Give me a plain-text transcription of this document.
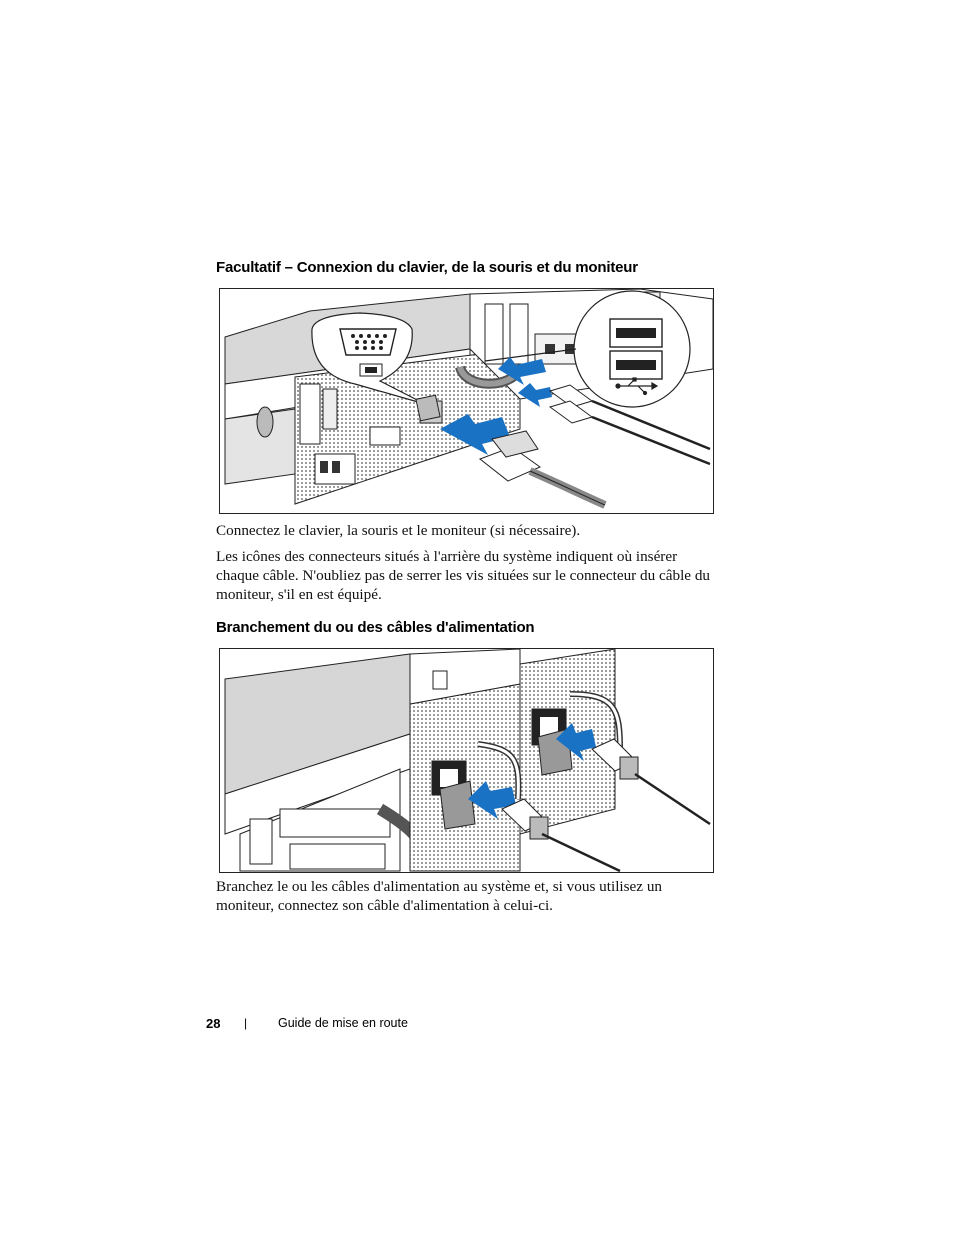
Facultatif – Connexion du clavier, de la souris et du moniteur

Connectez le clavier, la souris et le moniteur (si nécessaire).

Les icônes des connecteurs situés à l'arrière du système indiquent où insérer chaque câble. N'oubliez pas de serrer les vis situées sur le connecteur du câble du moniteur, s'il en est équipé.

Branchement du ou des câbles d'alimentation

Branchez le ou les câbles d'alimentation au système et, si vous utilisez un moniteur, connectez son câble d'alimentation à celui-ci.

28 | Guide de mise en route
